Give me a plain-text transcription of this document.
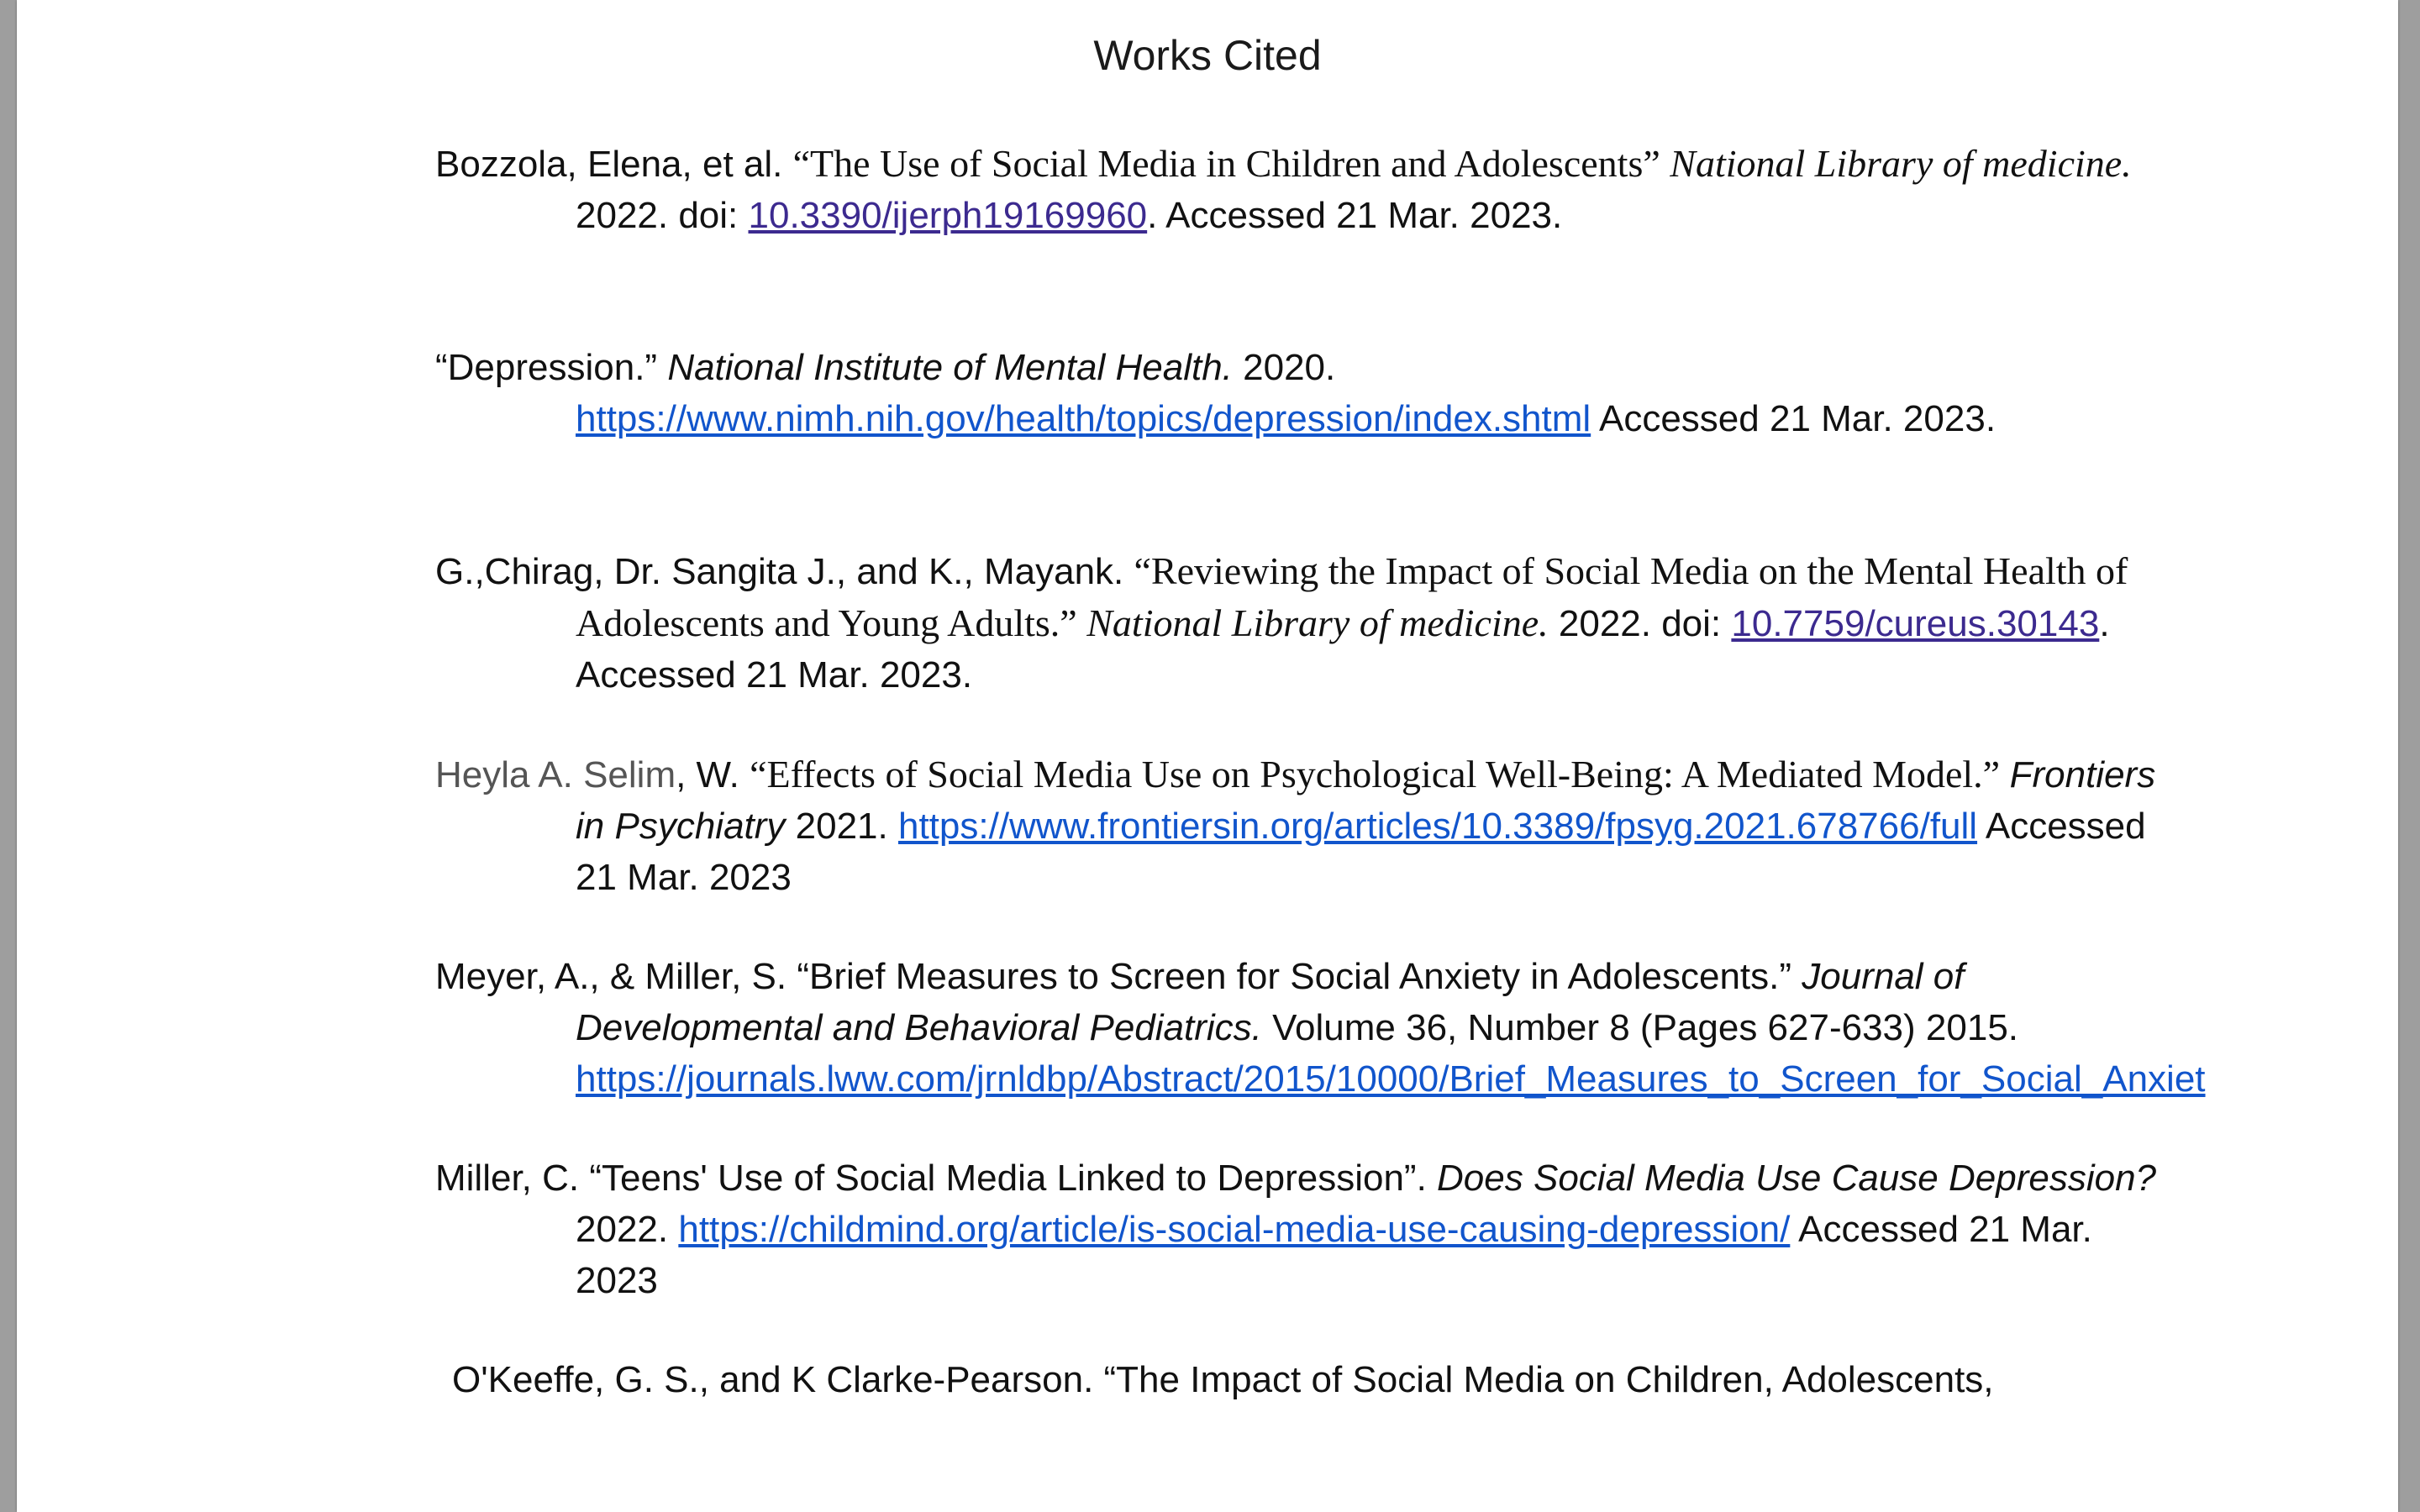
Works Cited

Bozzola, Elena, et al. “The Use of Social Media in Children and Adolescents” National Library of medicine. 2022. doi: 10.3390/ijerph19169960. Accessed 21 Mar. 2023.

“Depression.” National Institute of Mental Health. 2020. https://www.nimh.nih.gov/health/topics/depression/index.shtml Accessed 21 Mar. 2023.

G.,Chirag, Dr. Sangita J., and K., Mayank. “Reviewing the Impact of Social Media on the Mental Health of Adolescents and Young Adults.” National Library of medicine. 2022. doi: 10.7759/cureus.30143. Accessed 21 Mar. 2023.

Heyla A. Selim, W. “Effects of Social Media Use on Psychological Well-Being: A Mediated Model.” Frontiers in Psychiatry 2021. https://www.frontiersin.org/articles/10.3389/fpsyg.2021.678766/full Accessed 21 Mar. 2023

Meyer, A., & Miller, S. “Brief Measures to Screen for Social Anxiety in Adolescents.” Journal of Developmental and Behavioral Pediatrics. Volume 36, Number 8 (Pages 627-633) 2015. https://journals.lww.com/jrnldbp/Abstract/2015/10000/Brief_Measures_to_Screen_for_Social_Anxiet

Miller, C. “Teens' Use of Social Media Linked to Depression”. Does Social Media Use Cause Depression? 2022. https://childmind.org/article/is-social-media-use-causing-depression/ Accessed 21 Mar. 2023

O'Keeffe, G. S., and K Clarke-Pearson. “The Impact of Social Media on Children, Adolescents,
